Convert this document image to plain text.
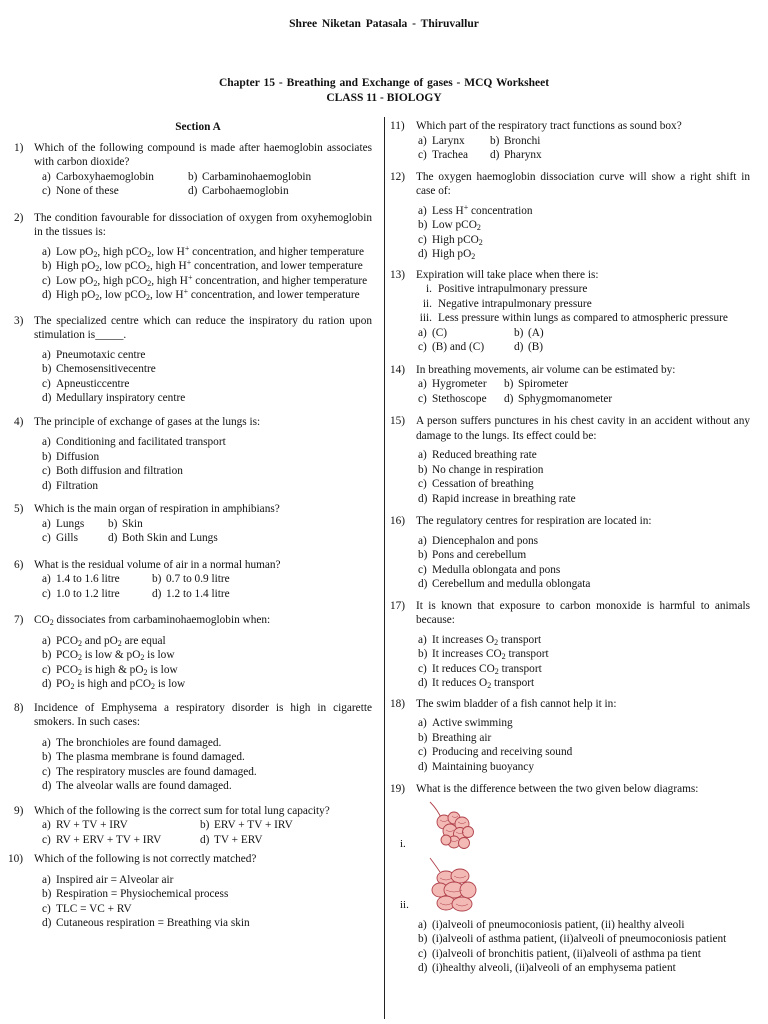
Shree Niketan Patasala - Thiruvallur
Chapter 15 - Breathing and Exchange of gases - MCQ Worksheet
CLASS 11 - BIOLOGY
Section A
1) Which of the following compound is made after haemoglobin associates with carbon dioxide?
a) Carboxyhaemoglobin	b) Carbaminohaemoglobin
c) None of these	d) Carbohaemoglobin
2) The condition favourable for dissociation of oxygen from oxyhemoglobin in the tissues is:
a) Low $pO_2$, high pCO$_2$, low H+ concentration, and higher temperature
b) High $pO_2$, low pCO$_2$, high H+ concentration, and lower temperature
c) Low $pO_2$, high pCO$_2$, high H+ concentration, and higher temperature
d) High $pO_2$, low pCO$_2$, low H+ concentration, and lower temperature
3) The specialized centre which can reduce the inspiratory du ration upon stimulation is_____.
a) Pneumotaxic centre
b) Chemosensitivecentre
c) Apneusticcentre
d) Medullary inspiratory centre
4) The principle of exchange of gases at the lungs is:
a) Conditioning and facilitated transport
b) Diffusion
c) Both diffusion and filtration
d) Filtration
5) Which is the main organ of respiration in amphibians?
a) Lungs	b) Skin
c) Gills	d) Both Skin and Lungs
6) What is the residual volume of air in a normal human?
a) 1.4 to 1.6 litre	b) 0.7 to 0.9 litre
c) 1.0 to 1.2 litre	d) 1.2 to 1.4 litre
7) $CO_2$ dissociates from carbaminohaemoglobin when:
a) $PCO_2$ and $pO_2$ are equal
b) $PCO_2$ is low & $pO_2$ is low
c) $PCO_2$ is high & $pO_2$ is low
d) $PO_2$ is high and pCO$_2$ is low
8) Incidence of Emphysema a respiratory disorder is high in cigarette smokers. In such cases:
a) The bronchioles are found damaged.
b) The plasma membrane is found damaged.
c) The respiratory muscles are found damaged.
d) The alveolar walls are found damaged.
9) Which of the following is the correct sum for total lung capacity?
a) RV + TV + IRV	b) ERV + TV + IRV
c) RV + ERV + TV + IRV	d) TV + ERV
10) Which of the following is not correctly matched?
a) Inspired air = Alveolar air
b) Respiration = Physiochemical process
c) TLC = VC + RV
d) Cutaneous respiration = Breathing via skin
11) Which part of the respiratory tract functions as sound box?
a) Larynx	b) Bronchi
c) Trachea	d) Pharynx
12) The oxygen haemoglobin dissociation curve will show a right shift in case of:
a) Less H+ concentration
b) Low pCO$_2$
c) High pCO$_2$
d) High $pO_2$
13) Expiration will take place when there is:
i. Positive intrapulmonary pressure
ii. Negative intrapulmonary pressure
iii. Less pressure within lungs as compared to atmospheric pressure
a) (C)	b) (A)
c) (B) and (C)	d) (B)
14) In breathing movements, air volume can be estimated by:
a) Hygrometer	b) Spirometer
c) Stethoscope	d) Sphygmomanometer
15) A person suffers punctures in his chest cavity in an accident without any damage to the lungs. Its effect could be:
a) Reduced breathing rate
b) No change in respiration
c) Cessation of breathing
d) Rapid increase in breathing rate
16) The regulatory centres for respiration are located in:
a) Diencephalon and pons
b) Pons and cerebellum
c) Medulla oblongata and pons
d) Cerebellum and medulla oblongata
17) It is known that exposure to carbon monoxide is harmful to animals because:
a) It increases $O_2$ transport
b) It increases $CO_2$ transport
c) It reduces $CO_2$ transport
d) It reduces $O_2$ transport
18) The swim bladder of a fish cannot help it in:
a) Active swimming
b) Breathing air
c) Producing and receiving sound
d) Maintaining buoyancy
19) What is the difference between the two given below diagrams:
i.
ii.
a) (i)alveoli of pneumoconiosis patient, (ii) healthy alveoli
b) (i)alveoli of asthma patient, (ii)alveoli of pneumoconiosis patient
c) (i)alveoli of bronchitis patient, (ii)alveoli of asthma pa tient
d) (i)healthy alveoli, (ii)alveoli of an emphysema patient
